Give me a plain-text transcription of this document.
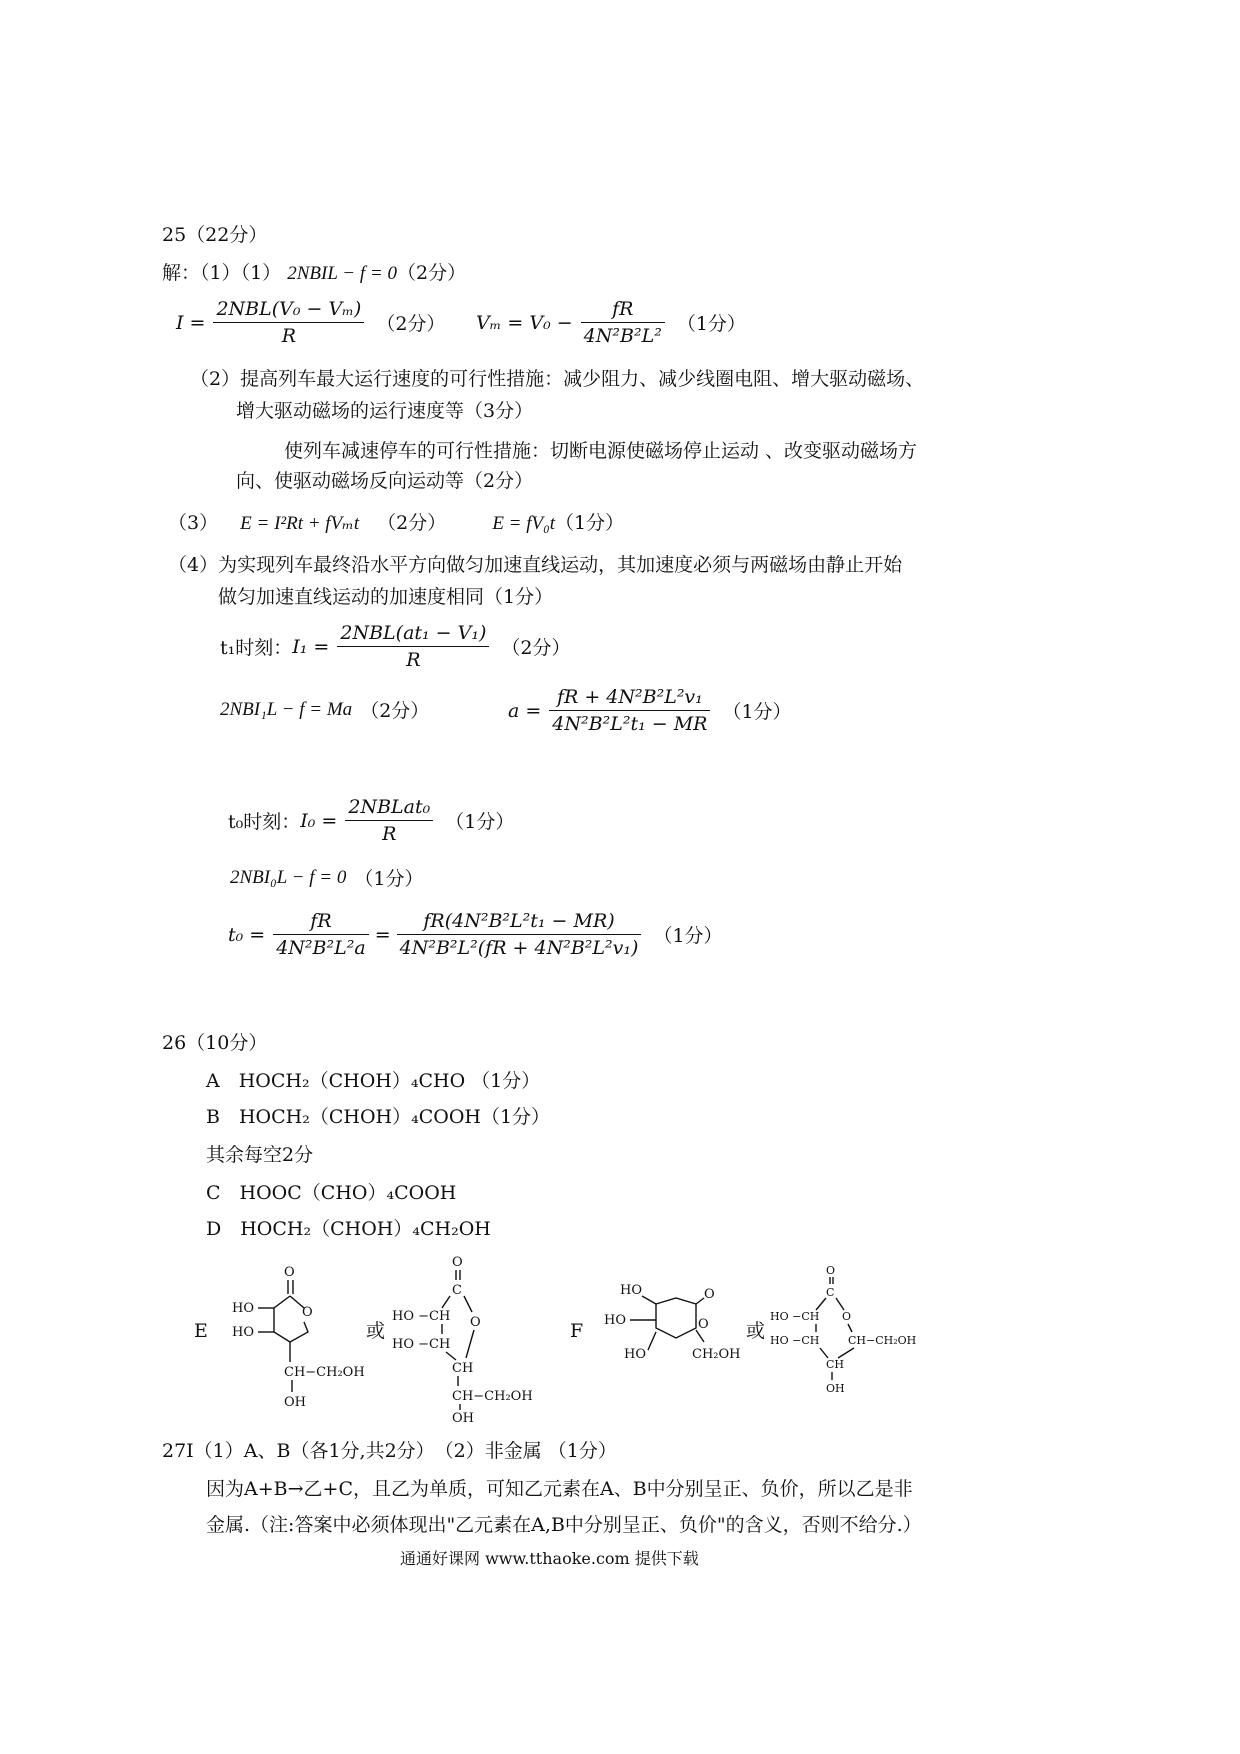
25（22分）
解：（1）（1） 2NBIL − f = 0（2分）
$I = \frac{\text{2NBL(V₀ − Vₘ)}}{R} (2$分） $V_m = V_0 - \frac{fR}{\text{4N²B²L²}} (1$分）
（2）提高列车最大运行速度的可行性措施：减少阻力、减少线圈电阻、增大驱动磁场、
增大驱动磁场的运行速度等（3分）
使列车减速停车的可行性措施：切断电源使磁场停止运动 、改变驱动磁场方
向、使驱动磁场反向运动等（2分）
（3） E = I²Rt + fVₘt （2分） E = fV₀t（1分）
（4）为实现列车最终沿水平方向做匀加速直线运动，其加速度必须与两磁场由静止开始
做匀加速直线运动的加速度相同（1分）
t₁时刻： $I_1 = \frac{\text{2NBL(at₁ − V₁)}}{R} (2$分）
2NBI₁L − f = Ma （2分）	$a = \frac{\text{fR + 4N²B²L²v₁}}{\text{4N²B²L²t₁ − MR}} (1$分）
t₀时刻： $I_0 = \frac{\text{2NBLat₀}}{R} (1$分）
2NBI₀L − f = 0 （1分）
$t_0 = \frac{fR}{\text{4N²B²L²a}} = \frac{\text{fR(4N²B²L²t₁ − MR)}}{\text{4N²B²L²(fR + 4N²B²L²v₁)}} (1$分）
26（10分）
A　HOCH₂（CHOH）₄CHO （1分）
B　HOCH₂（CHOH）₄COOH（1分）
其余每空2分
C　HOOC（CHO）₄COOH
D　HOCH₂（CHOH）₄CH₂OH
E
O
O
HO
HO
CH−CH₂OH
OH
或
O
C
HO −CH O
HO −CH
CH
CH−CH₂OH
OH
F
HO	O
O
HO
HO	CH₂OH
或
O
C
HO −CH O
HO −CH	CH−CH₂OH
CH
OH
27Ⅰ（1）A、B（各1分,共2分）　（2）非金属 （1分）
因为A+B→乙+C，且乙为单质，可知乙元素在A、B中分别呈正、负价，所以乙是非
金属.（注:答案中必须体现出"乙元素在A,B中分别呈正、负价"的含义，否则不给分.）
通通好课网 www.tthaoke.com 提供下载
